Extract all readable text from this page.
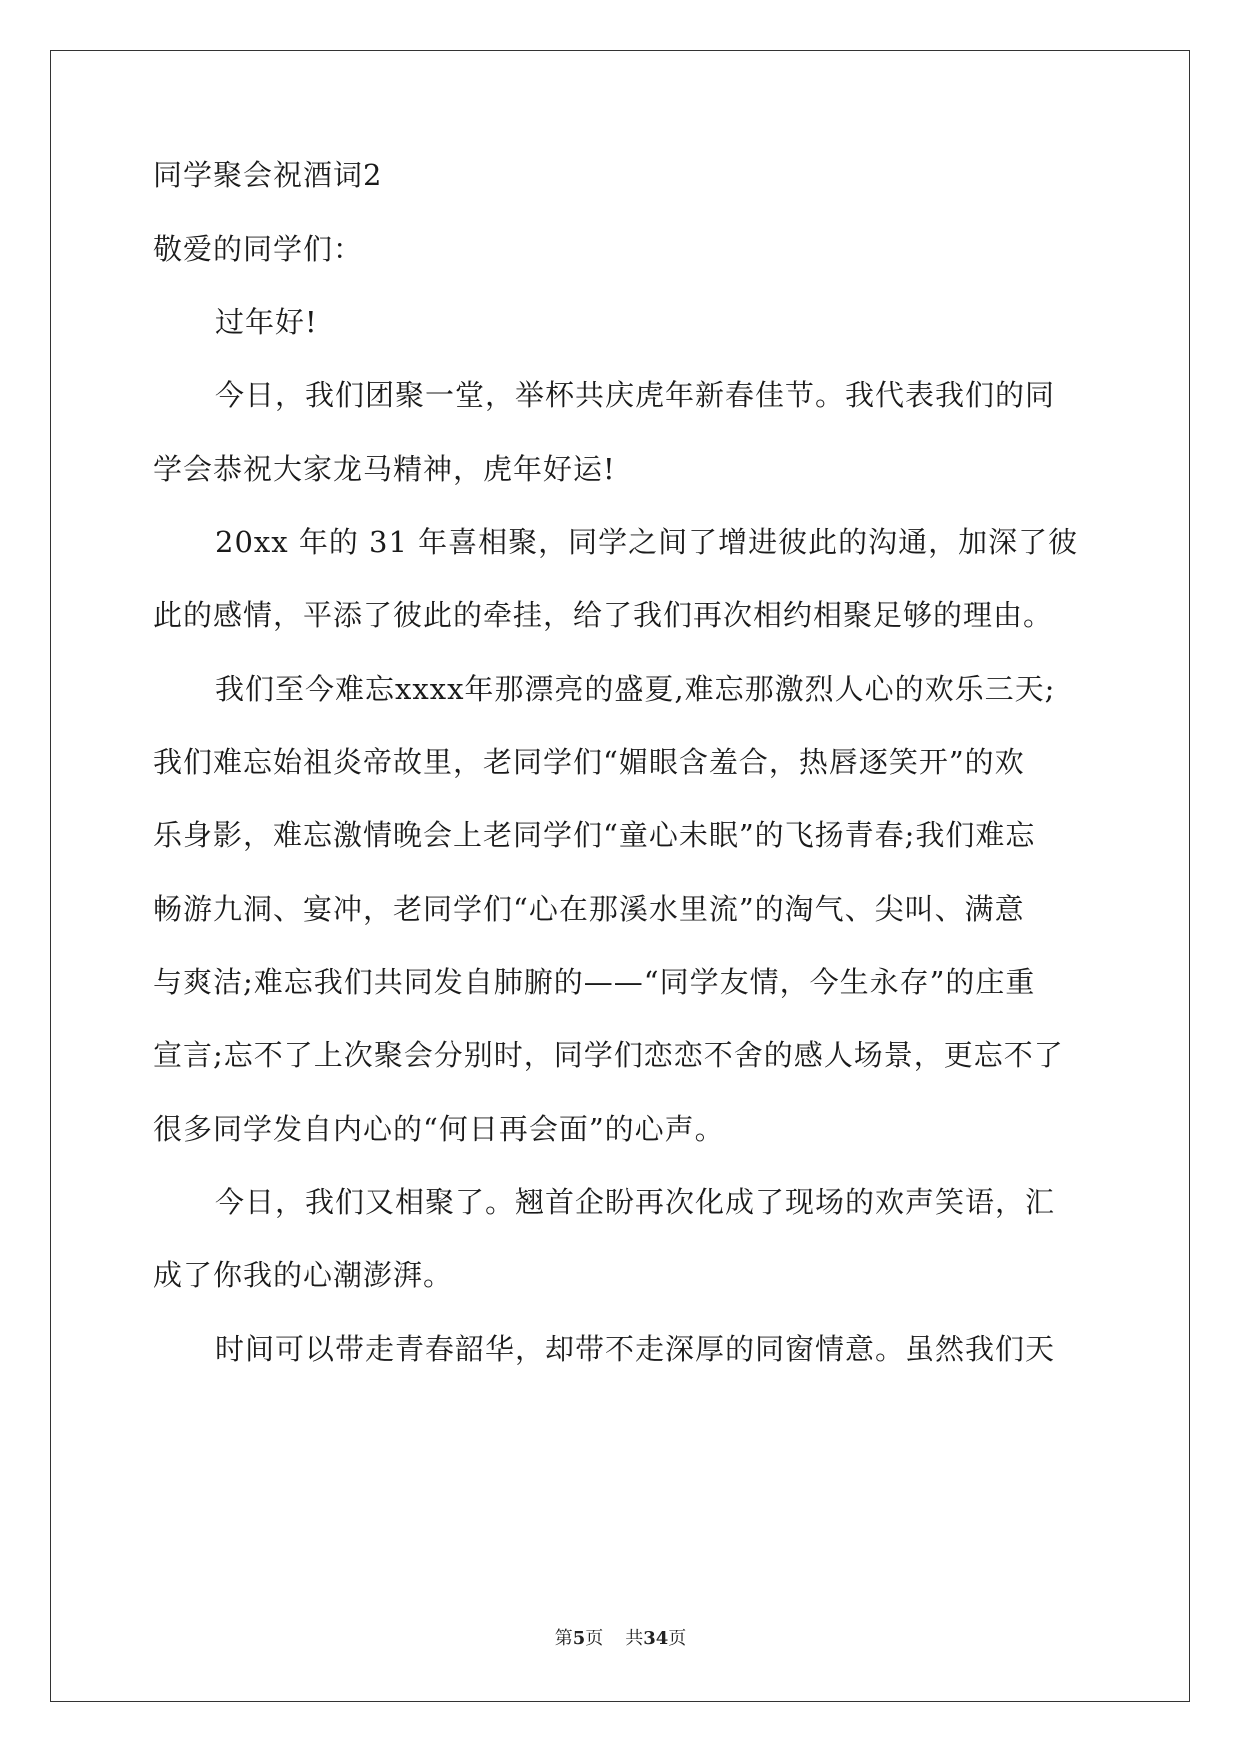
同学聚会祝酒词2
敬爱的同学们：
过年好!
今日，我们团聚一堂，举杯共庆虎年新春佳节。我代表我们的同
学会恭祝大家龙马精神，虎年好运!
20xx 年的 31 年喜相聚，同学之间了增进彼此的沟通，加深了彼
此的感情，平添了彼此的牵挂，给了我们再次相约相聚足够的理由。
我们至今难忘xxxx年那漂亮的盛夏,难忘那激烈人心的欢乐三天;
我们难忘始祖炎帝故里，老同学们“媚眼含羞合，热唇逐笑开”的欢
乐身影，难忘激情晚会上老同学们“童心未眠”的飞扬青春;我们难忘
畅游九洞、宴冲，老同学们“心在那溪水里流”的淘气、尖叫、满意
与爽洁;难忘我们共同发自肺腑的——“同学友情，今生永存”的庄重
宣言;忘不了上次聚会分别时，同学们恋恋不舍的感人场景，更忘不了
很多同学发自内心的“何日再会面”的心声。
今日，我们又相聚了。翘首企盼再次化成了现场的欢声笑语，汇
成了你我的心潮澎湃。
时间可以带走青春韶华，却带不走深厚的同窗情意。虽然我们天
第5页 共34页
